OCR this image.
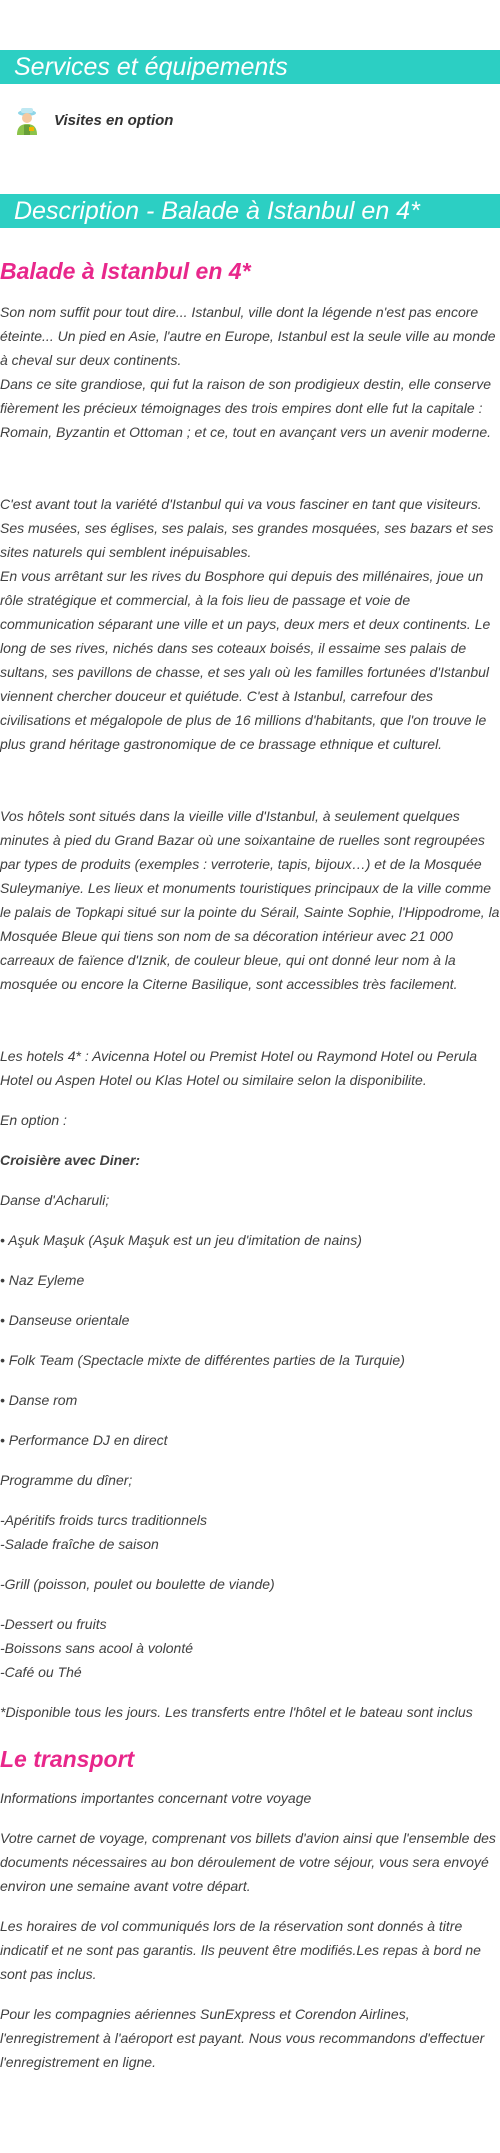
Services et équipements
Visites en option
Description - Balade à Istanbul en 4*
Balade à Istanbul en 4*

Son nom suffit pour tout dire... Istanbul, ville dont la légende n'est pas encore éteinte... Un pied en Asie, l'autre en Europe, Istanbul est la seule ville au monde à cheval sur deux continents.

Dans ce site grandiose, qui fut la raison de son prodigieux destin, elle conserve fièrement les précieux témoignages des trois empires dont elle fut la capitale : Romain, Byzantin et Ottoman ; et ce, tout en avançant vers un avenir moderne.

C'est avant tout la variété d'Istanbul qui va vous fasciner en tant que visiteurs. Ses musées, ses églises, ses palais, ses grandes mosquées, ses bazars et ses sites naturels qui semblent inépuisables.

En vous arrêtant sur les rives du Bosphore qui depuis des millénaires, joue un rôle stratégique et commercial, à la fois lieu de passage et voie de communication séparant une ville et un pays, deux mers et deux continents. Le long de ses rives, nichés dans ses coteaux boisés, il essaime ses palais de sultans, ses pavillons de chasse, et ses yalı où les familles fortunées d'Istanbul viennent chercher douceur et quiétude. C'est à Istanbul, carrefour des civilisations et mégalopole de plus de 16 millions d'habitants, que l'on trouve le plus grand héritage gastronomique de ce brassage ethnique et culturel.

Vos hôtels sont situés dans la vieille ville d'Istanbul, à seulement quelques minutes à pied du Grand Bazar où une soixantaine de ruelles sont regroupées par types de produits (exemples : verroterie, tapis, bijoux…) et de la Mosquée Suleymaniye. Les lieux et monuments touristiques principaux de la ville comme le palais de Topkapi situé sur la pointe du Sérail, Sainte Sophie, l'Hippodrome, la Mosquée Bleue qui tiens son nom de sa décoration intérieur avec 21 000 carreaux de faïence d'Iznik, de couleur bleue, qui ont donné leur nom à la mosquée ou encore la Citerne Basilique, sont accessibles très facilement.

Les hotels 4* : Avicenna Hotel ou Premist Hotel ou Raymond Hotel ou Perula Hotel ou Aspen Hotel ou Klas Hotel ou similaire selon la disponibilite.

En option :

Croisière avec Diner:

Danse d'Acharuli;

• Aşuk Maşuk (Aşuk Maşuk est un jeu d'imitation de nains)

• Naz Eyleme

• Danseuse orientale

• Folk Team (Spectacle mixte de différentes parties de la Turquie)

• Danse rom

• Performance DJ en direct

Programme du dîner;

-Apéritifs froids turcs traditionnels

-Salade fraîche de saison

-Grill (poisson, poulet ou boulette de viande)

-Dessert ou fruits

-Boissons sans acool à volonté

-Café ou Thé

*Disponible tous les jours. Les transferts entre l'hôtel et le bateau sont inclus

Le transport

Informations importantes concernant votre voyage

Votre carnet de voyage, comprenant vos billets d'avion ainsi que l'ensemble des documents nécessaires au bon déroulement de votre séjour, vous sera envoyé environ une semaine avant votre départ.

Les horaires de vol communiqués lors de la réservation sont donnés à titre indicatif et ne sont pas garantis. Ils peuvent être modifiés.Les repas à bord ne sont pas inclus.

Pour les compagnies aériennes SunExpress et Corendon Airlines, l'enregistrement à l'aéroport est payant. Nous vous recommandons d'effectuer l'enregistrement en ligne.
